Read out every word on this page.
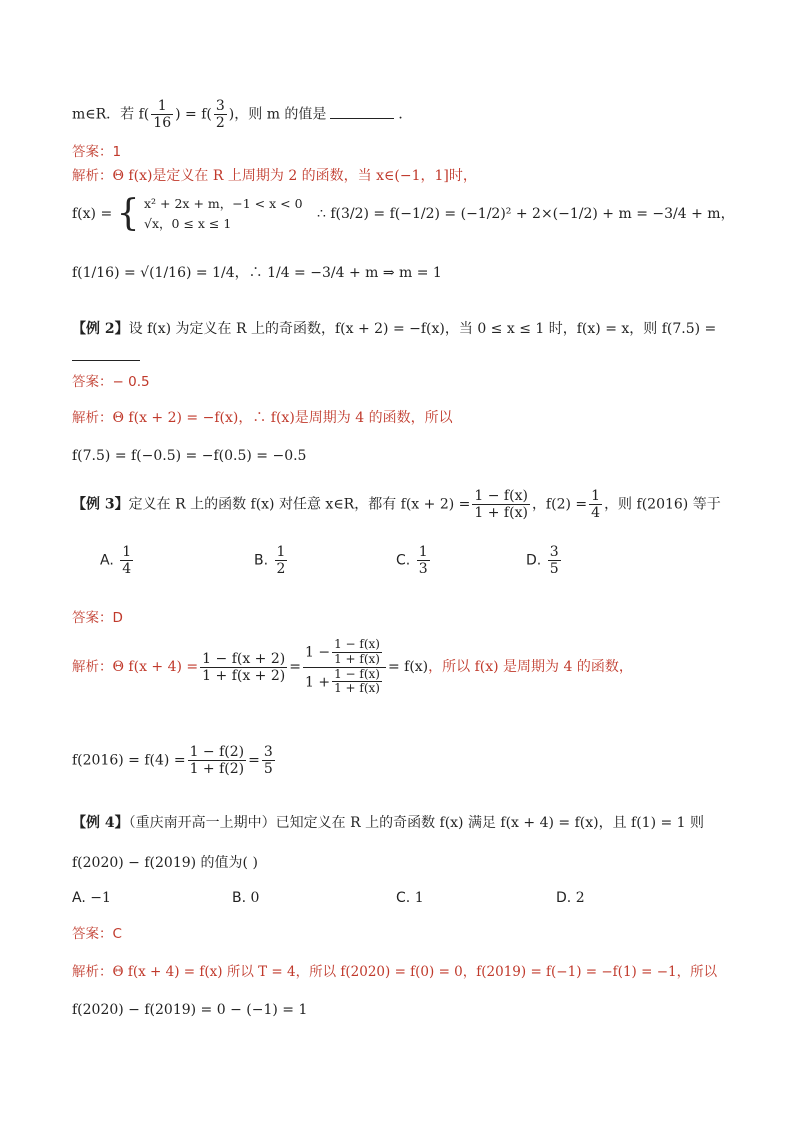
m∈R．若 $f( \frac{1}{16}$ ) = $f( \frac{3}{2}$ )，则 m 的值是	．
答案：1
解析：Θ f(x)是定义在 R 上周期为 2 的函数，当 x∈(−1，1]时，
f(x) = { x² + 2x + m，−1 < x < 0
√x，0 ≤ x ≤ 1
∴ f(3/2) = f(−1/2) = (−1/2)² + 2×(−1/2) + m = −3/4 + m，
f(1/16) = √(1/16) = 1/4，∴ 1/4 = −3/4 + m ⇒ m = 1
【例 2】设 f(x) 为定义在 R 上的奇函数，f(x + 2) = −f(x)，当 0 ≤ x ≤ 1 时，f(x) = x，则 f(7.5) =
答案：− 0.5
解析：Θ f(x + 2) = −f(x)，∴ f(x)是周期为 4 的函数，所以
f(7.5) = f(−0.5) = −f(0.5) = −0.5
【例 3】定义在 R 上的函数 f(x) 对任意 x∈R，都有 $f(x + 2) = \frac{1 - f(x)}{1 + f(x)}$ ，$f(2) = \frac{1}{4}$ ，则 f(2016) 等于
A. $\frac{1}{4}$	B. $\frac{1}{2}$	C. $\frac{1}{3}$	D. $\frac{3}{5}$
答案：D
解析：Θ $f(x + 4) = \frac{1 - f(x + 2)}{1 + f(x + 2)} = \frac{1 - \frac{1 - f(x)}{1 + f(x)}}{1 + \frac{1 - f(x)}{1 + f(x)}} = f(x)$，所以 f(x) 是周期为 4 的函数，
$f(2016) = f(4) = \frac{1 - f(2)}{1 + f(2)} = \frac{3}{5}$
【例 4】（重庆南开高一上期中）已知定义在 R 上的奇函数 f(x) 满足 f(x + 4) = f(x)，且 f(1) = 1 则
f(2020) − f(2019) 的值为( )
A. −1	B. 0	C. 1	D. 2
答案：C
解析：Θ f(x + 4) = f(x) 所以 T = 4，所以 f(2020) = f(0) = 0，f(2019) = f(−1) = −f(1) = −1，所以
f(2020) − f(2019) = 0 − (−1) = 1
